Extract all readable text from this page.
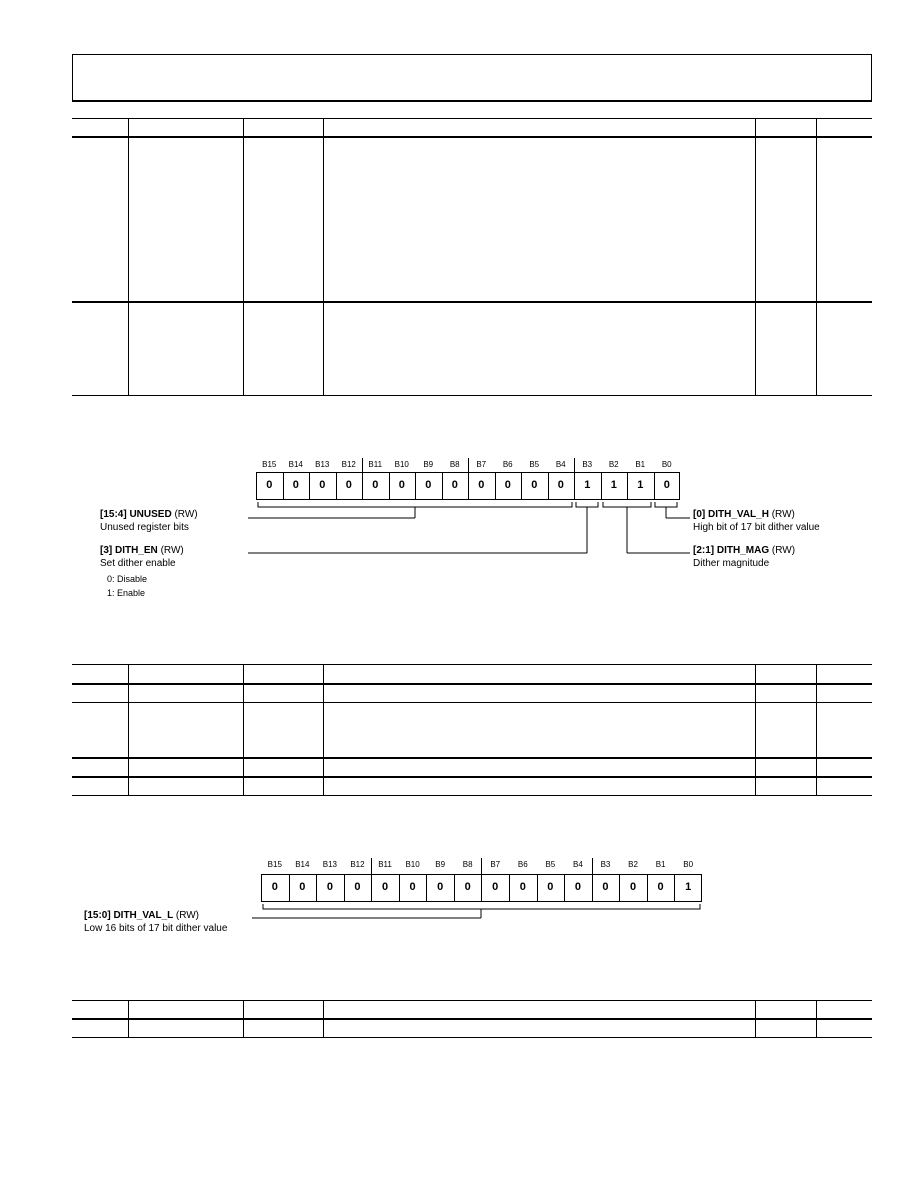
B15	B14	B13	B12	B11	B10	B9	B8	B7	B6	B5	B4	B3	B2	B1	B0
0	0	0	0	0	0	0	0	0	0	0	0	1	1	1	0
[15:4] UNUSED (RW)
Unused register bits
[3] DITH_EN (RW)
Set dither enable
0: Disable
1: Enable
[0] DITH_VAL_H (RW)
High bit of 17 bit dither value
[2:1] DITH_MAG (RW)
Dither magnitude
B15	B14	B13	B12	B11	B10	B9	B8	B7	B6	B5	B4	B3	B2	B1	B0
0	0	0	0	0	0	0	0	0	0	0	0	0	0	0	1
[15:0] DITH_VAL_L (RW)
Low 16 bits of 17 bit dither value
